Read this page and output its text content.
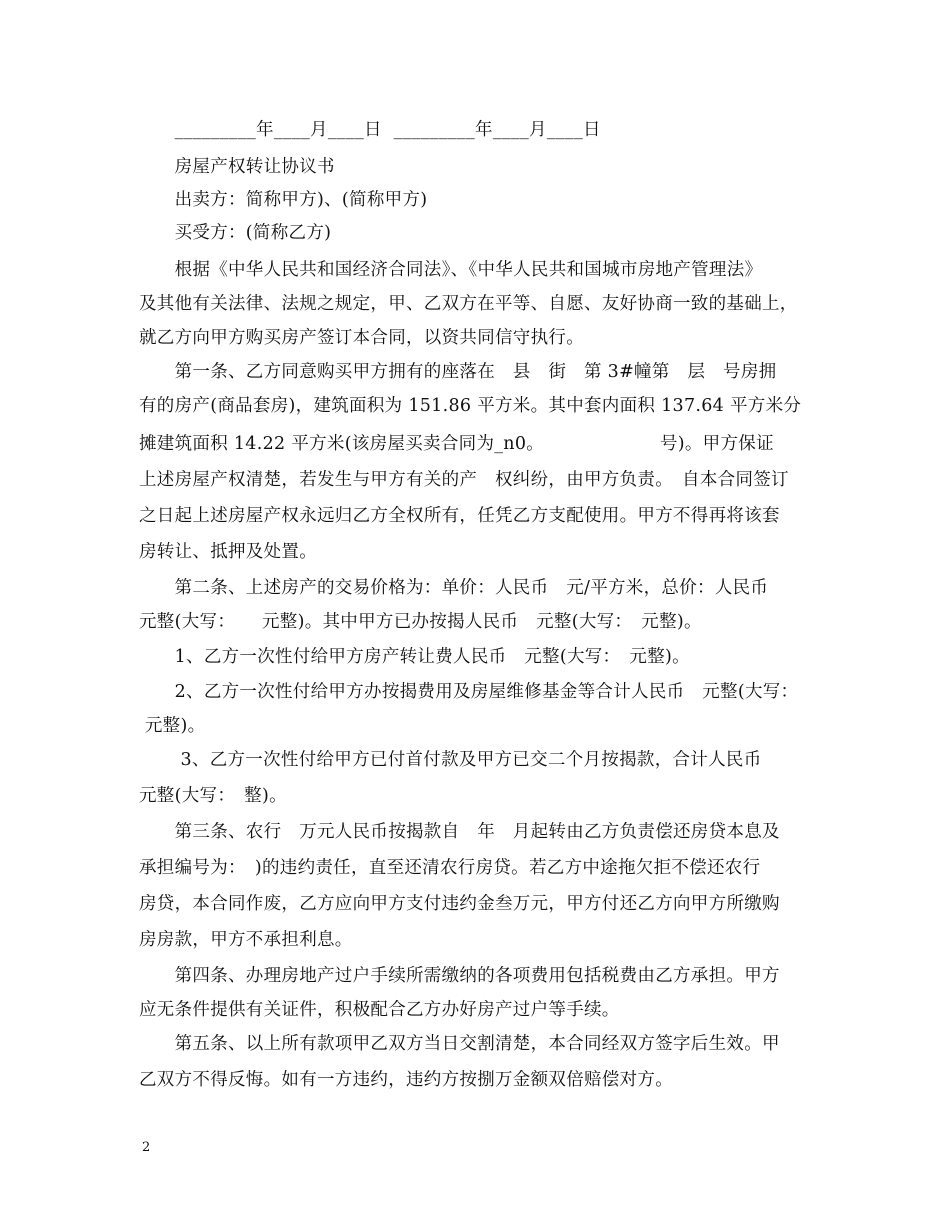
　　_________年____月____日  _________年____月____日
　　房屋产权转让协议书
　　出卖方：简称甲方)、(简称甲方)
　　买受方：(简称乙方)
　　根据《中华人民共和国经济合同法》、《中华人民共和国城市房地产管理法》
及其他有关法律、法规之规定，甲、乙双方在平等、自愿、友好协商一致的基础上，
就乙方向甲方购买房产签订本合同，以资共同信守执行。
　　第一条、乙方同意购买甲方拥有的座落在　县　街　第 3#幢第　层　号房拥
有的房产(商品套房)，建筑面积为 151.86 平方米。其中套内面积 137.64 平方米分
摊建筑面积 14.22 平方米(该房屋买卖合同为_n0。　　　　　　　号)。甲方保证
上述房屋产权清楚，若发生与甲方有关的产　权纠纷，由甲方负责。　自本合同签订
之日起上述房屋产权永远归乙方全权所有，任凭乙方支配使用。甲方不得再将该套
房转让、抵押及处置。
　　第二条、上述房产的交易价格为：单价：人民币　元/平方米，总价：人民币
元整(大写：　　元整)。其中甲方已办按揭人民币　元整(大写：　元整)。
　　1、乙方一次性付给甲方房产转让费人民币　元整(大写：　元整)。
　　2、乙方一次性付给甲方办按揭费用及房屋维修基金等合计人民币　元整(大写：
元整)。
　　 3、乙方一次性付给甲方已付首付款及甲方已交二个月按揭款，合计人民币
元整(大写：　整)。
　　第三条、农行　万元人民币按揭款自　年　月起转由乙方负责偿还房贷本息及
承担编号为：　)的违约责任，直至还清农行房贷。若乙方中途拖欠拒不偿还农行
房贷，本合同作废，乙方应向甲方支付违约金叁万元，甲方付还乙方向甲方所缴购
房房款，甲方不承担利息。
　　第四条、办理房地产过户手续所需缴纳的各项费用包括税费由乙方承担。甲方
应无条件提供有关证件，积极配合乙方办好房产过户等手续。
　　第五条、以上所有款项甲乙双方当日交割清楚，本合同经双方签字后生效。甲
乙双方不得反悔。如有一方违约，违约方按捌万金额双倍赔偿对方。
2
